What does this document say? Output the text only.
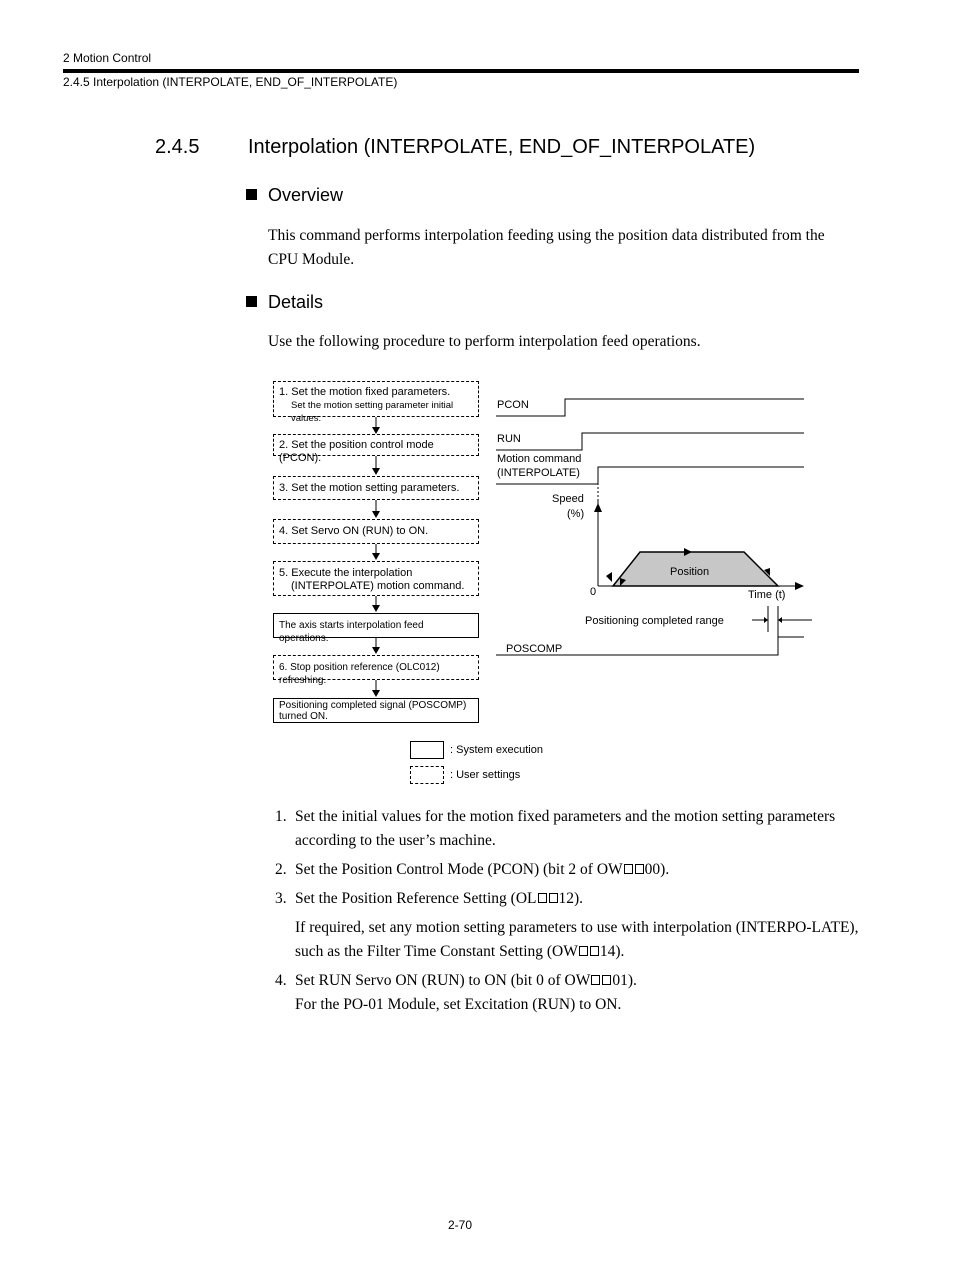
2 Motion Control
2.4.5 Interpolation (INTERPOLATE, END_OF_INTERPOLATE)
2.4.5 Interpolation (INTERPOLATE, END_OF_INTERPOLATE)
Overview
This command performs interpolation feeding using the position data distributed from the CPU Module.
Details
Use the following procedure to perform interpolation feed operations.
1. Set the motion fixed parameters.
Set the motion setting parameter initial values.
2. Set the position control mode (PCON).
3. Set the motion setting parameters.
4. Set Servo ON (RUN) to ON.
5. Execute the interpolation
(INTERPOLATE) motion command.
The axis starts interpolation feed operations.
6. Stop position reference (OLC012) refreshing.
Positioning completed signal (POSCOMP)
turned ON.
: System execution
: User settings
PCON
RUN
Motion command
(INTERPOLATE)
Speed
(%)
Position
0	Time (t)
Positioning completed range
POSCOMP
1. Set the initial values for the motion fixed parameters and the motion setting parameters according to the user’s machine.
2. Set the Position Control Mode (PCON) (bit 2 of OW 00).
3. Set the Position Reference Setting (OL 12).
If required, set any motion setting parameters to use with interpolation (INTERPO-LATE), such as the Filter Time Constant Setting (OW 14).
4. Set RUN Servo ON (RUN) to ON (bit 0 of OW 01).
For the PO-01 Module, set Excitation (RUN) to ON.
2-70
